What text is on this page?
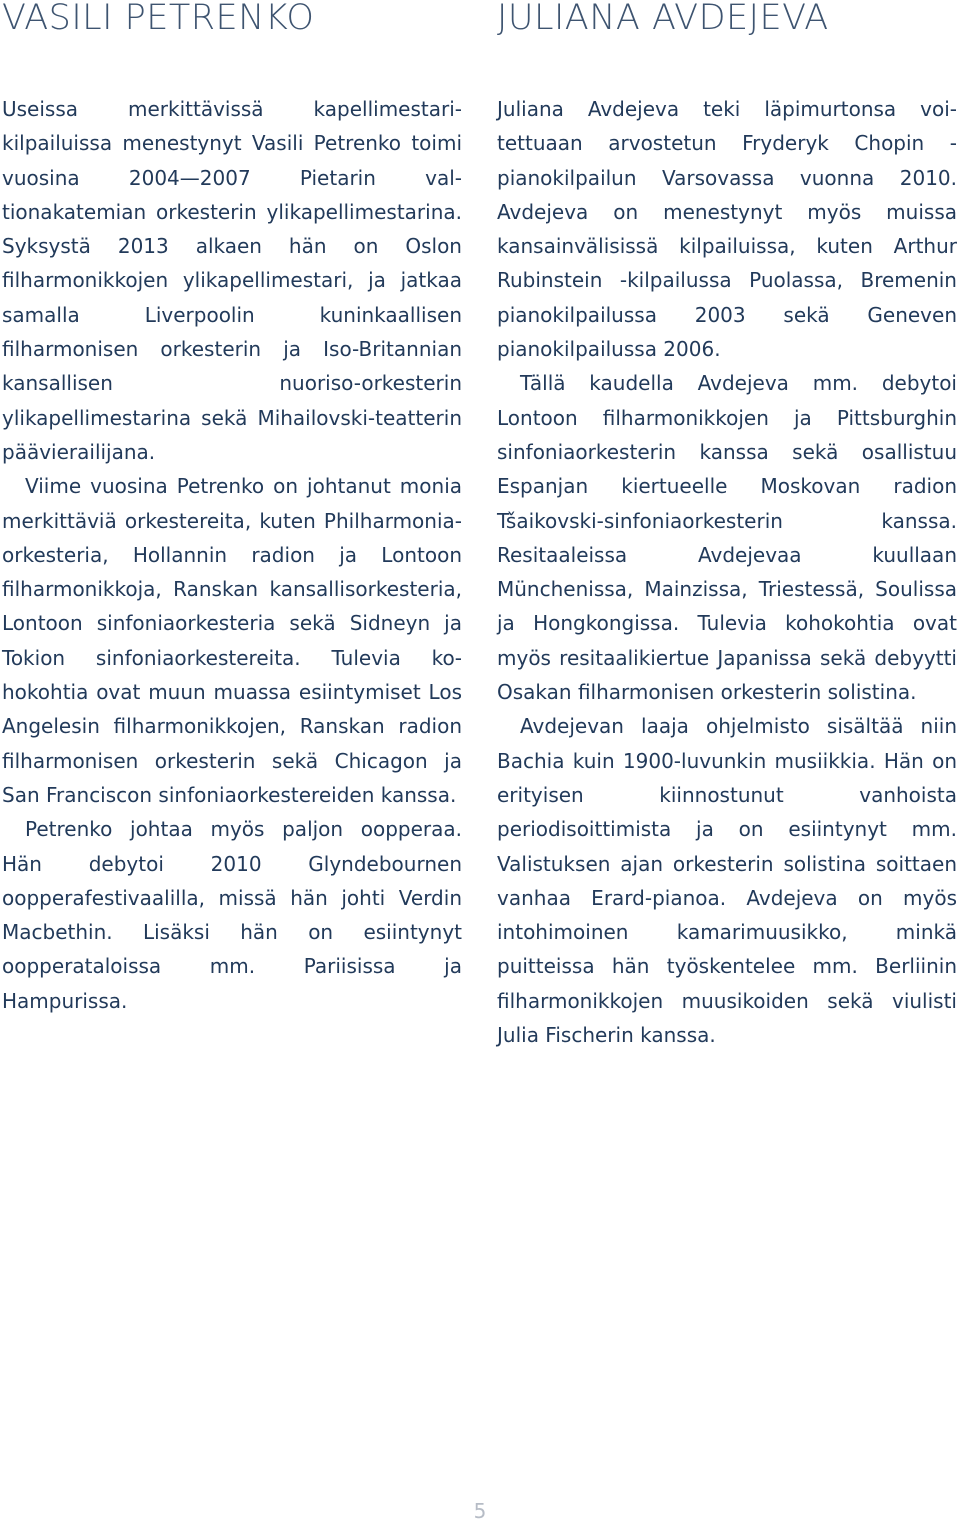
VASILI PETRENKO

Useissa merkittävissä kapellimestarikilpailuissa menestynyt Vasili Petrenko toimi vuosina 2004—2007 Pietarin valtionakatemian orkesterin ylikapellimestarina. Syksystä 2013 alkaen hän on Oslon filharmonikkojen ylikapellimestari, ja jatkaa samalla Liverpoolin kuninkaallisen filharmonisen orkesterin ja Iso-Britannian kansallisen nuoriso-orkesterin ylikapellimestarina sekä Mihailovski-teatterin päävierailijana.

Viime vuosina Petrenko on johtanut monia merkittäviä orkestereita, kuten Philharmonia-orkesteria, Hollannin radion ja Lontoon filharmonikkoja, Ranskan kansallisorkesteria, Lontoon sinfoniaorkesteria sekä Sidneyn ja Tokion sinfoniaorkestereita. Tulevia kohokohtia ovat muun muassa esiintymiset Los Angelesin filharmonikkojen, Ranskan radion filharmonisen orkesterin sekä Chicagon ja San Franciscon sinfoniaorkestereiden kanssa.

Petrenko johtaa myös paljon oopperaa. Hän debytoi 2010 Glyndebournen oopperafestivaalilla, missä hän johti Verdin Macbethin. Lisäksi hän on esiintynyt oopperataloissa mm. Pariisissa ja Hampurissa.

JULIANA AVDEJEVA

Juliana Avdejeva teki läpimurtonsa voitettuaan arvostetun Fryderyk Chopin -pianokilpailun Varsovassa vuonna 2010. Avdejeva on menestynyt myös muissa kansainvälisissä kilpailuissa, kuten Arthur Rubinstein -kilpailussa Puolassa, Bremenin pianokilpailussa 2003 sekä Geneven pianokilpailussa 2006.

Tällä kaudella Avdejeva mm. debytoi Lontoon filharmonikkojen ja Pittsburghin sinfoniaorkesterin kanssa sekä osallistuu Espanjan kiertueelle Moskovan radion Tšaikovski-sinfoniaorkesterin kanssa. Resitaaleissa Avdejevaa kuullaan Münchenissa, Mainzissa, Triestessä, Soulissa ja Hongkongissa. Tulevia kohokohtia ovat myös resitaalikiertue Japanissa sekä debyytti Osakan filharmonisen orkesterin solistina.

Avdejevan laaja ohjelmisto sisältää niin Bachia kuin 1900-luvunkin musiikkia. Hän on erityisen kiinnostunut vanhoista periodisoittimista ja on esiintynyt mm. Valistuksen ajan orkesterin solistina soittaen vanhaa Erard-pianoa. Avdejeva on myös intohimoinen kamarimuusikko, minkä puitteissa hän työskentelee mm. Berliinin filharmonikkojen muusikoiden sekä viulisti Julia Fischerin kanssa.

5
